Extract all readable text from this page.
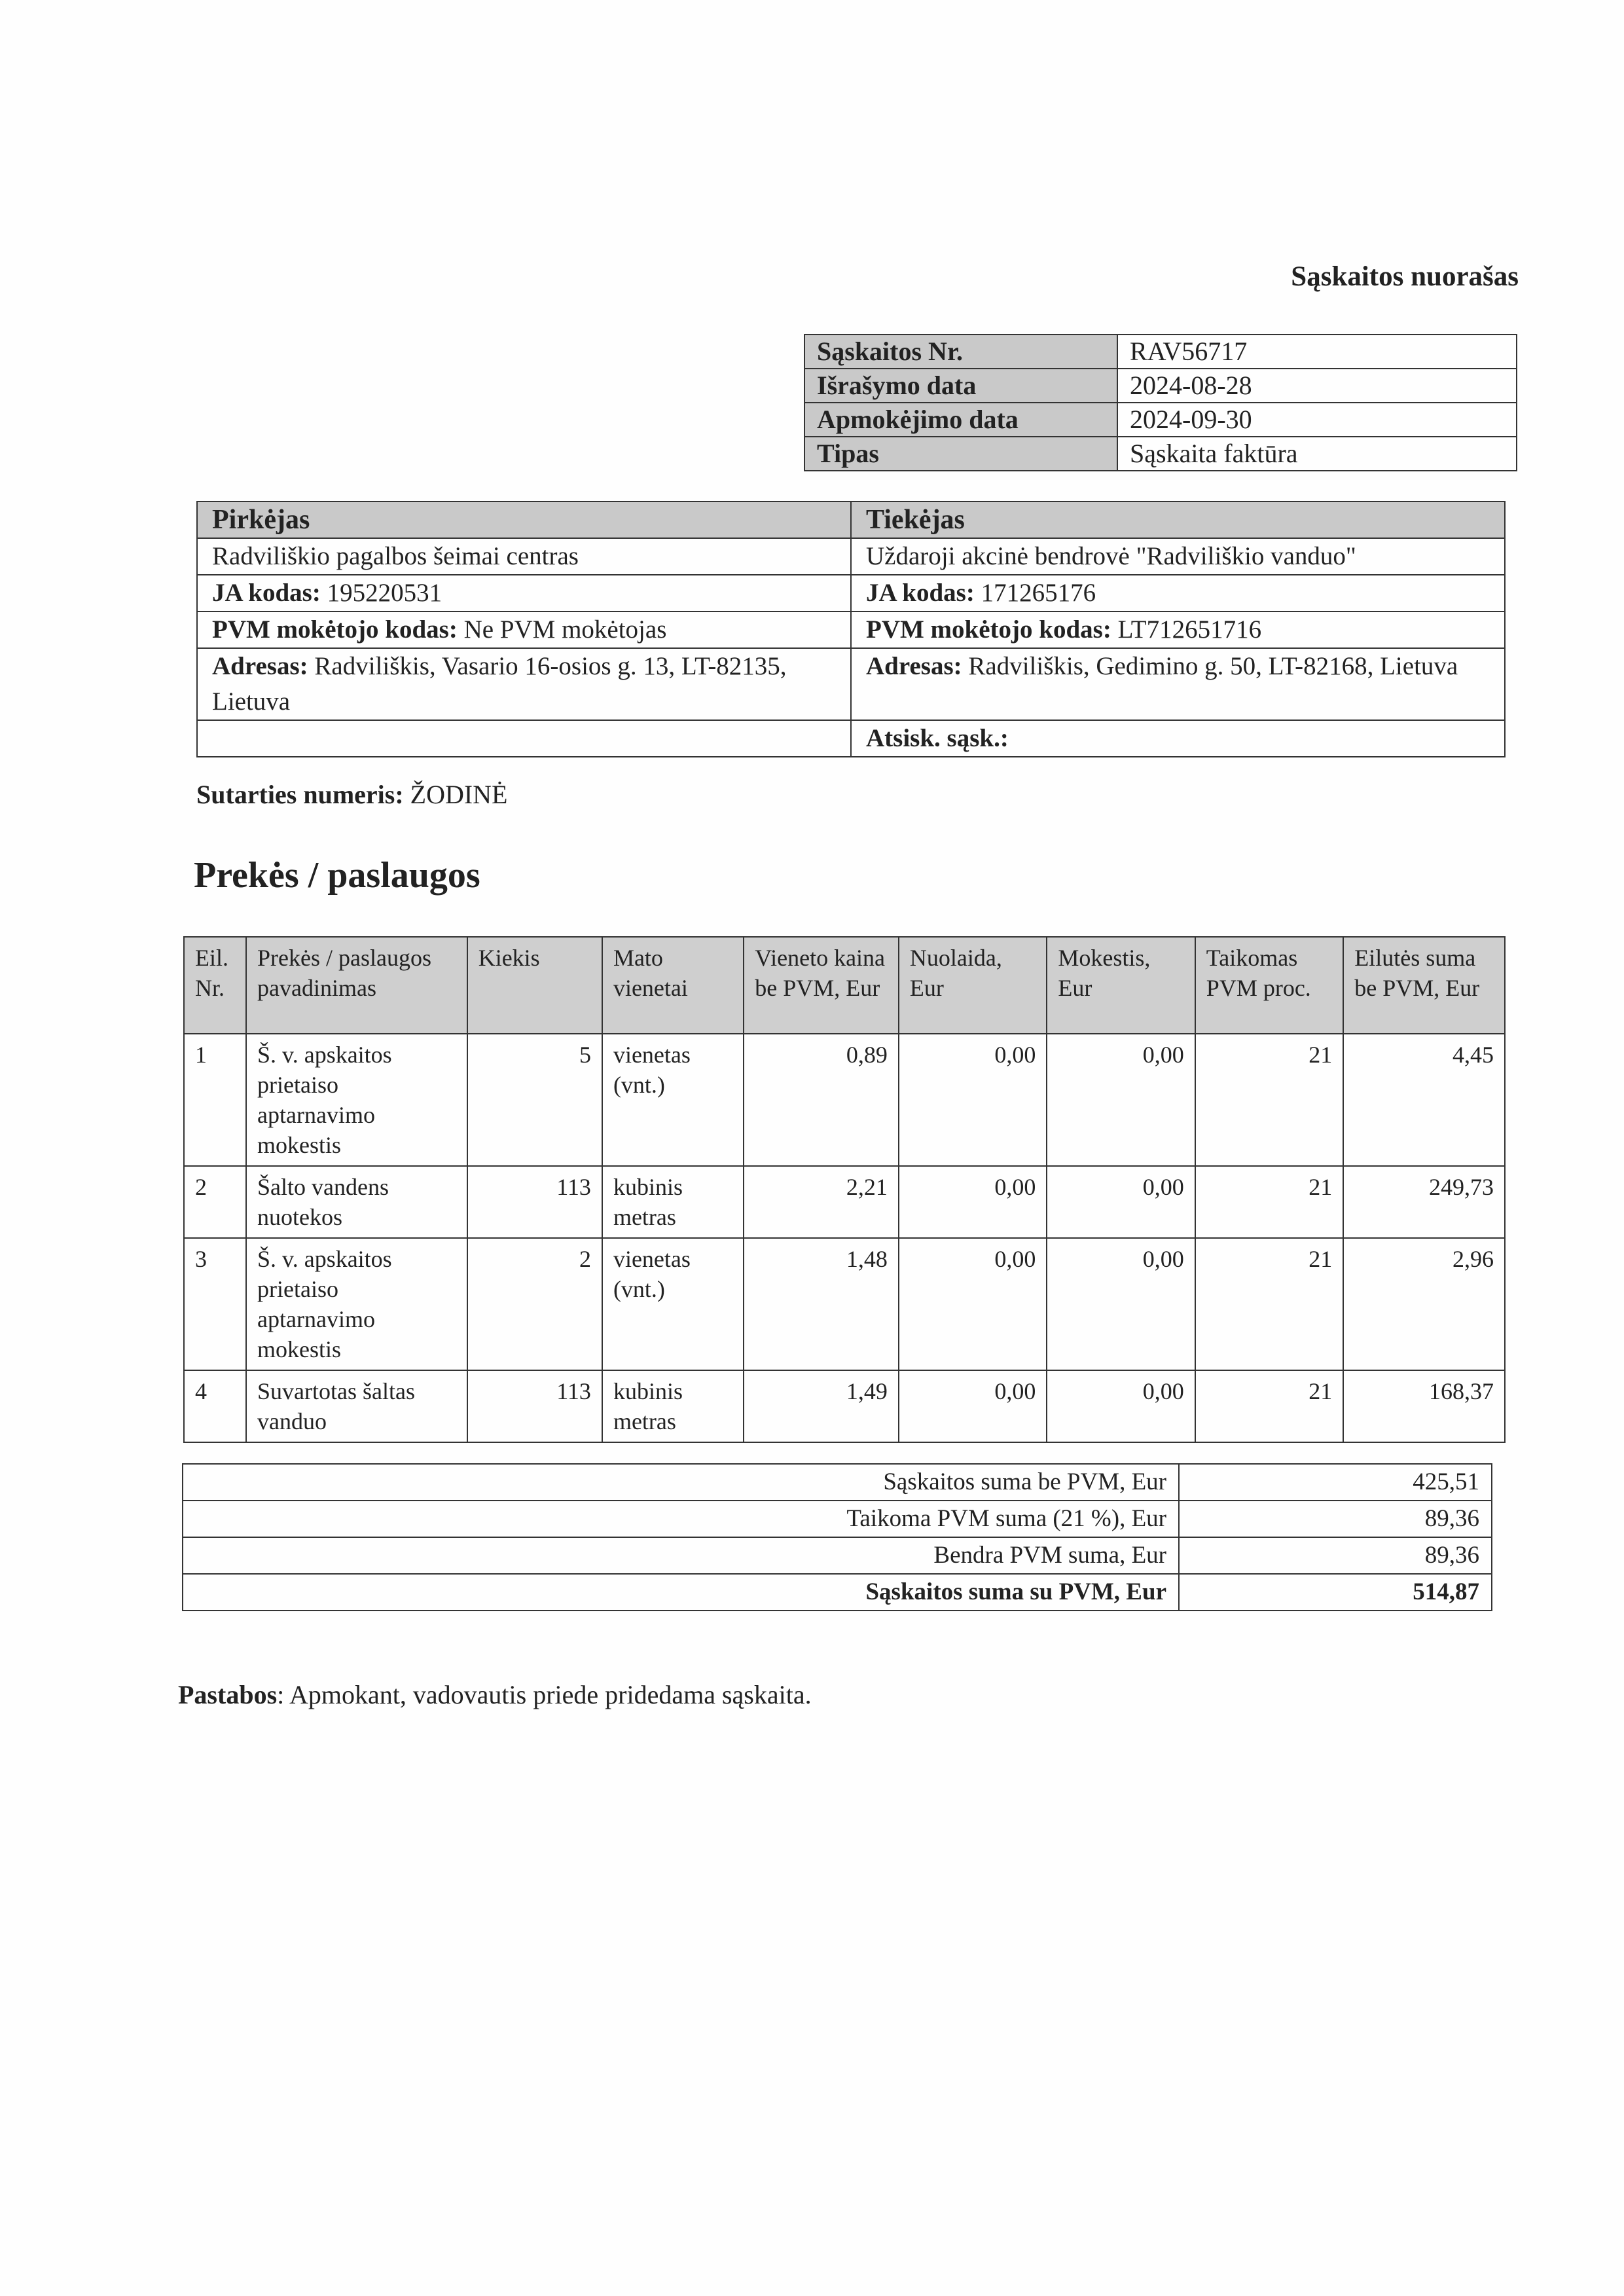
Sąskaitos nuorašas
Sąskaitos Nr.	RAV56717
Išrašymo data	2024-08-28
Apmokėjimo data	2024-09-30
Tipas	Sąskaita faktūra
Pirkėjas	Tiekėjas
Radviliškio pagalbos šeimai centras	Uždaroji akcinė bendrovė "Radviliškio vanduo"
JA kodas: 195220531	JA kodas: 171265176
PVM mokėtojo kodas: Ne PVM mokėtojas	PVM mokėtojo kodas: LT712651716
Adresas: Radviliškis, Vasario 16-osios g. 13, LT-82135, Lietuva	Adresas: Radviliškis, Gedimino g. 50, LT-82168, Lietuva
	Atsisk. sąsk.:
Sutarties numeris: ŽODINĖ
Prekės / paslaugos
Eil. Nr.	Prekės / paslaugos pavadinimas	Kiekis	Mato vienetai	Vieneto kaina be PVM, Eur	Nuolaida, Eur	Mokestis, Eur	Taikomas PVM proc.	Eilutės suma be PVM, Eur
1	Š. v. apskaitos prietaiso aptarnavimo mokestis	5	vienetas (vnt.)	0,89	0,00	0,00	21	4,45
2	Šalto vandens nuotekos	113	kubinis metras	2,21	0,00	0,00	21	249,73
3	Š. v. apskaitos prietaiso aptarnavimo mokestis	2	vienetas (vnt.)	1,48	0,00	0,00	21	2,96
4	Suvartotas šaltas vanduo	113	kubinis metras	1,49	0,00	0,00	21	168,37
Sąskaitos suma be PVM, Eur	425,51
Taikoma PVM suma (21 %), Eur	89,36
Bendra PVM suma, Eur	89,36
Sąskaitos suma su PVM, Eur	514,87
Pastabos: Apmokant, vadovautis priede pridedama sąskaita.
